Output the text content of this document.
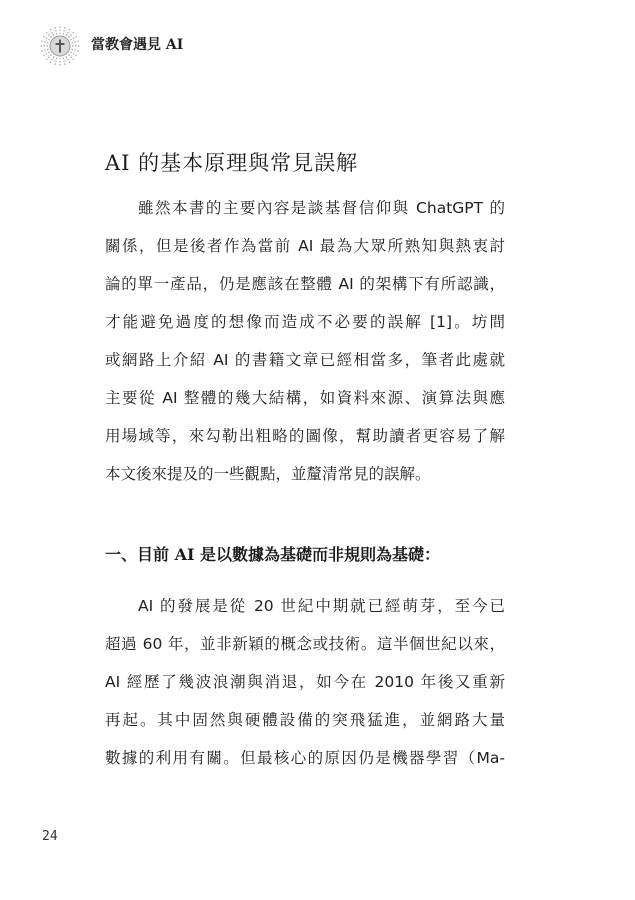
當教會遇見 AI
AI 的基本原理與常見誤解
雖然本書的主要內容是談基督信仰與 ChatGPT 的
關係，但是後者作為當前 AI 最為大眾所熟知與熱衷討
論的單一產品，仍是應該在整體 AI 的架構下有所認識，
才能避免過度的想像而造成不必要的誤解 [1]。坊間
或網路上介紹 AI 的書籍文章已經相當多，筆者此處就
主要從 AI 整體的幾大結構，如資料來源、演算法與應
用場域等，來勾勒出粗略的圖像，幫助讀者更容易了解
本文後來提及的一些觀點，並釐清常見的誤解。
一、目前 AI 是以數據為基礎而非規則為基礎：
AI 的發展是從 20 世紀中期就已經萌芽，至今已
超過 60 年，並非新穎的概念或技術。這半個世紀以來，
AI 經歷了幾波浪潮與消退，如今在 2010 年後又重新
再起。其中固然與硬體設備的突飛猛進，並網路大量
數據的利用有關。但最核心的原因仍是機器學習（Ma-
24
